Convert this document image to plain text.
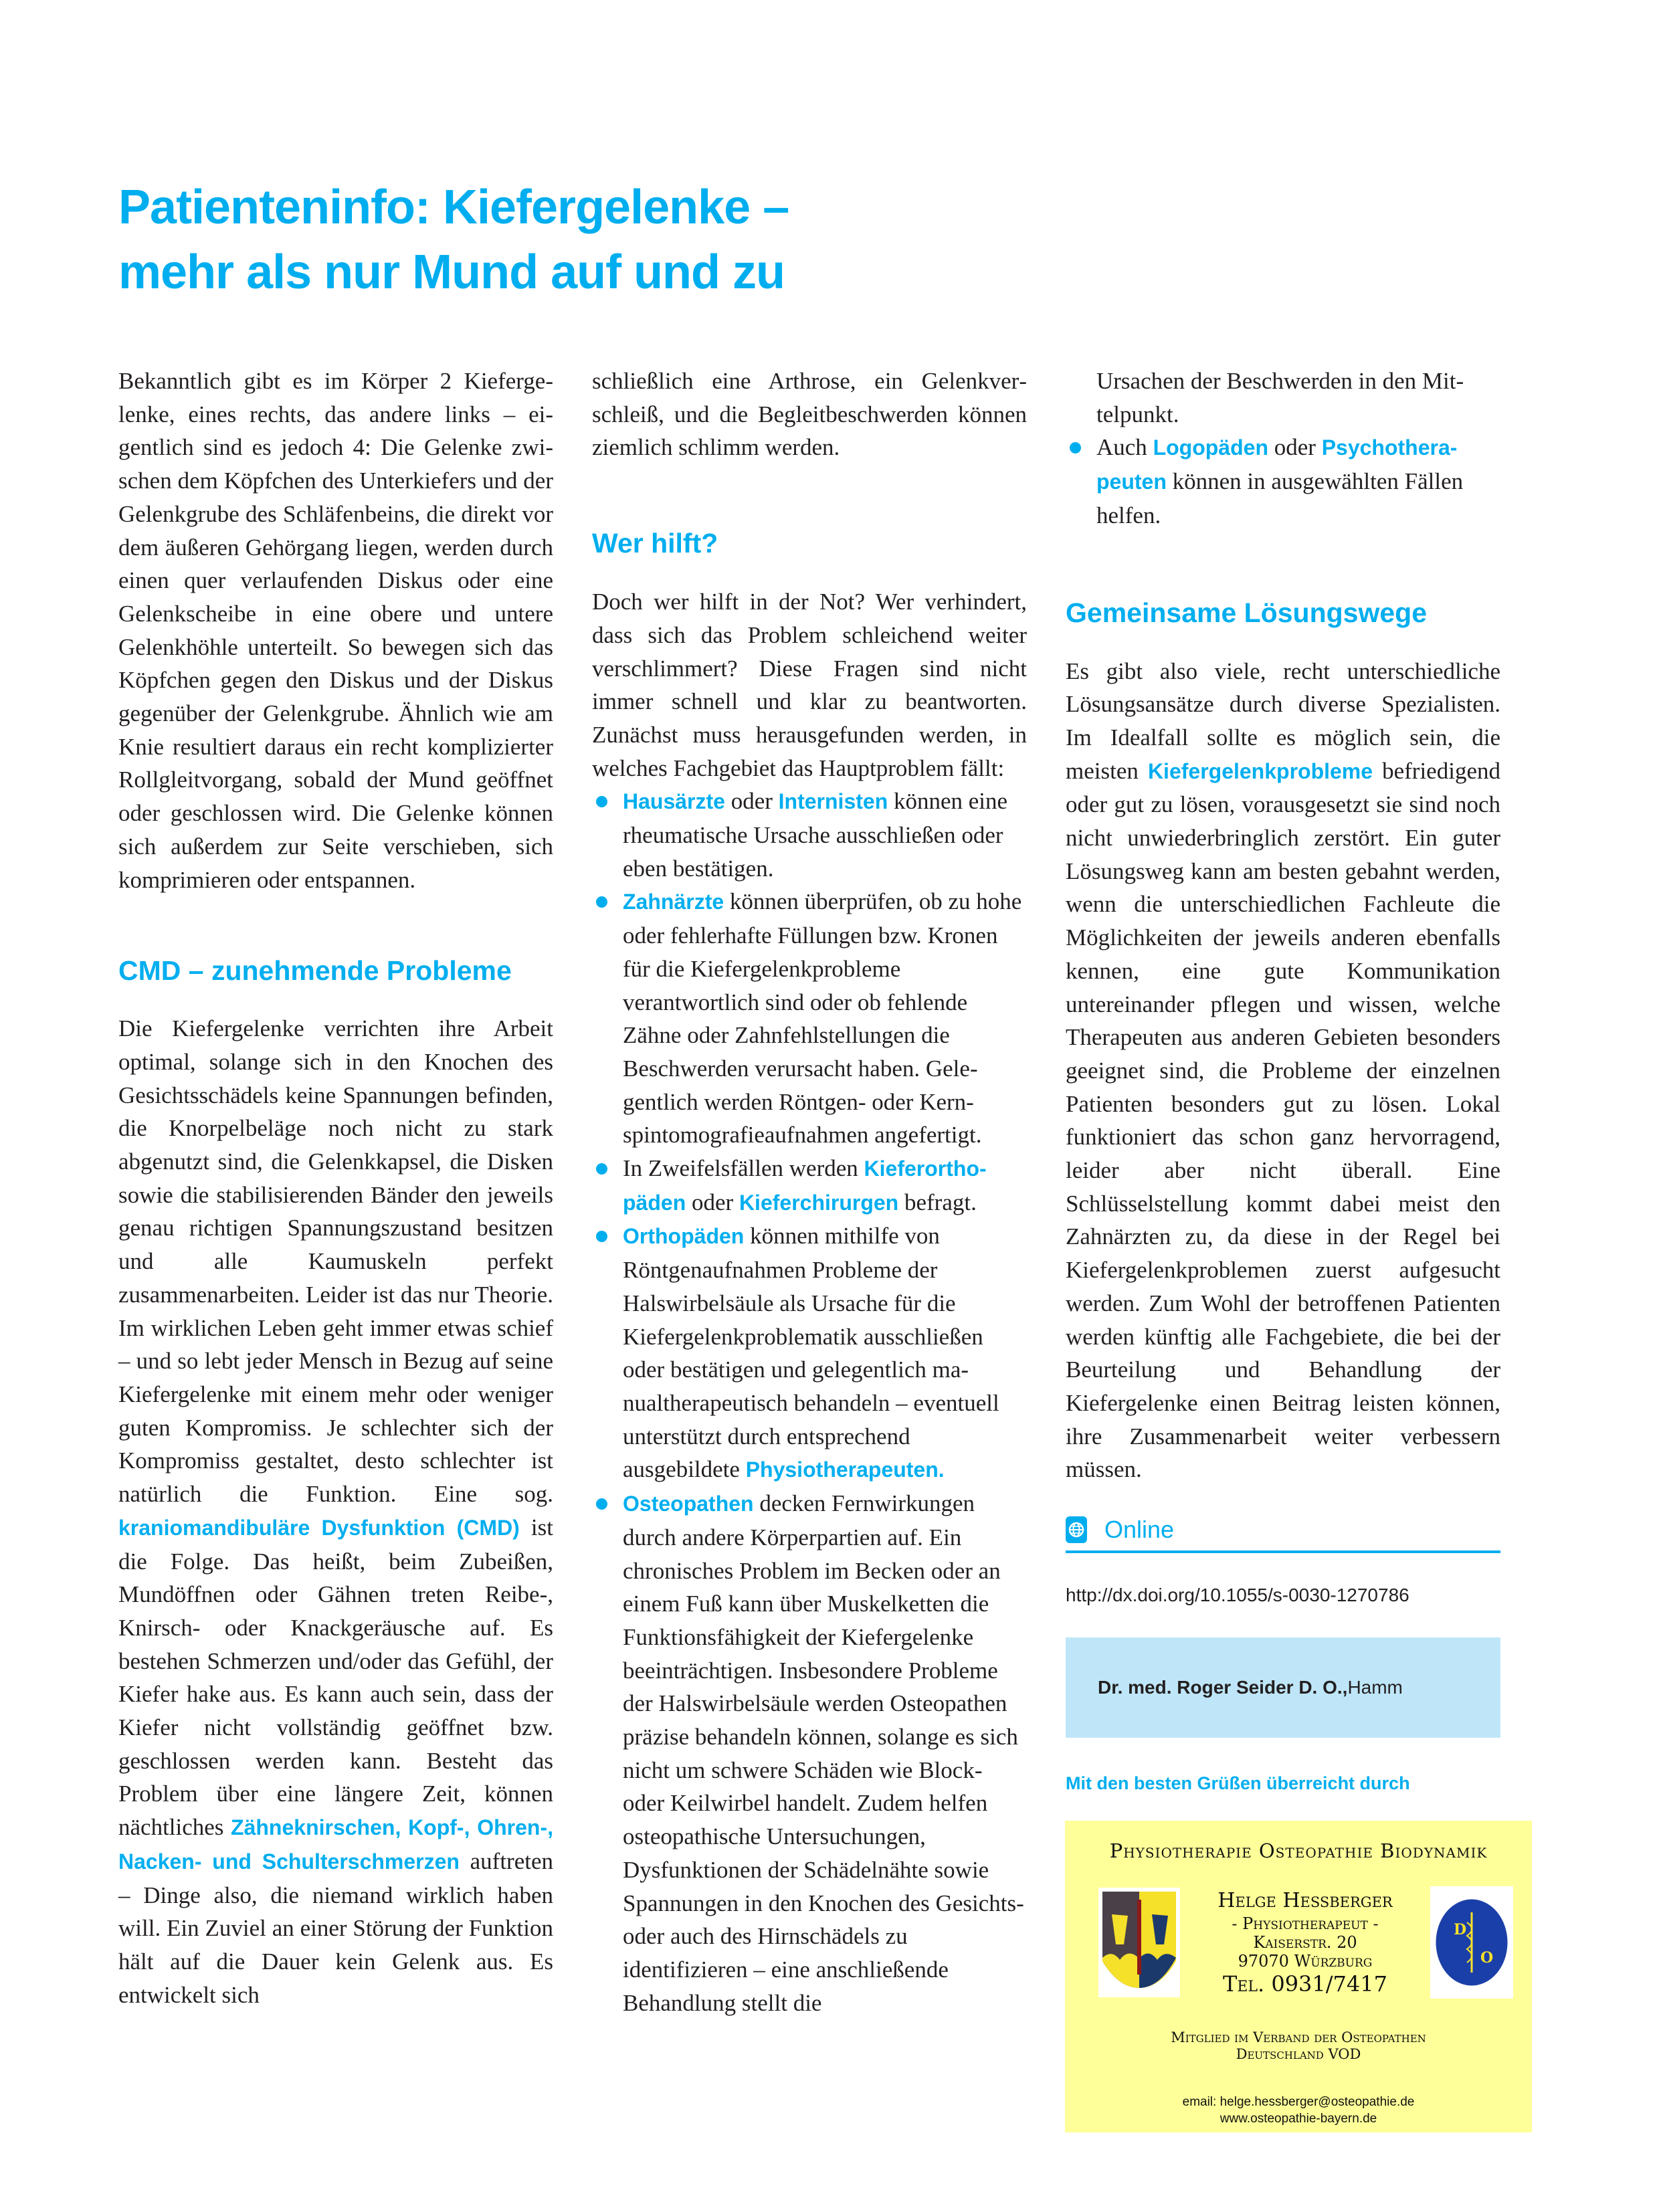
Patienteninfo: Kiefergelenke –
mehr als nur Mund auf und zu

Bekanntlich gibt es im Körper 2 Kiefergelenke, eines rechts, das andere links – eigentlich sind es jedoch 4: Die Gelenke zwischen dem Köpfchen des Unterkiefers und der Gelenkgrube des Schläfenbeins, die direkt vor dem äußeren Gehörgang liegen, werden durch einen quer verlaufenden Diskus oder eine Gelenkscheibe in eine obere und untere Gelenkhöhle unterteilt. So bewegen sich das Köpfchen gegen den Diskus und der Diskus gegenüber der Gelenkgrube. Ähnlich wie am Knie resultiert daraus ein recht komplizierter Rollgleitvorgang, sobald der Mund geöffnet oder geschlossen wird. Die Gelenke können sich außerdem zur Seite verschieben, sich komprimieren oder entspannen.

CMD – zunehmende Probleme

Die Kiefergelenke verrichten ihre Arbeit optimal, solange sich in den Knochen des Gesichtsschädels keine Spannungen befinden, die Knorpelbeläge noch nicht zu stark abgenutzt sind, die Gelenkkapsel, die Disken sowie die stabilisierenden Bänder den jeweils genau richtigen Spannungszustand besitzen und alle Kaumuskeln perfekt zusammenarbeiten. Leider ist das nur Theorie. Im wirklichen Leben geht immer etwas schief – und so lebt jeder Mensch in Bezug auf seine Kiefergelenke mit einem mehr oder weniger guten Kompromiss. Je schlechter sich der Kompromiss gestaltet, desto schlechter ist natürlich die Funktion. Eine sog. kraniomandibuläre Dysfunktion (CMD) ist die Folge. Das heißt, beim Zubeißen, Mundöffnen oder Gähnen treten Reibe-, Knirsch- oder Knackgeräusche auf. Es bestehen Schmerzen und/oder das Gefühl, der Kiefer hake aus. Es kann auch sein, dass der Kiefer nicht vollständig geöffnet bzw. geschlossen werden kann. Besteht das Problem über eine längere Zeit, können nächtliches Zähneknirschen, Kopf-, Ohren-, Nacken- und Schulterschmerzen auftreten – Dinge also, die niemand wirklich haben will. Ein Zuviel an einer Störung der Funktion hält auf die Dauer kein Gelenk aus. Es entwickelt sich

schließlich eine Arthrose, ein Gelenkverschleiß, und die Begleitbeschwerden können ziemlich schlimm werden.

Wer hilft?

Doch wer hilft in der Not? Wer verhindert, dass sich das Problem schleichend weiter verschlimmert? Diese Fragen sind nicht immer schnell und klar zu beantworten. Zunächst muss herausgefunden werden, in welches Fachgebiet das Hauptproblem fällt:

Hausärzte oder Internisten können eine rheumatische Ursache ausschließen oder eben bestätigen.
Zahnärzte können überprüfen, ob zu hohe oder fehlerhafte Füllungen bzw. Kronen für die Kiefergelenkprobleme verantwortlich sind oder ob fehlende Zähne oder Zahnfehlstellungen die Beschwerden verursacht haben. Gelegentlich werden Röntgen- oder Kernspintomografieaufnahmen angefertigt.
In Zweifelsfällen werden Kieferorthopäden oder Kieferchirurgen befragt.
Orthopäden können mithilfe von Röntgenaufnahmen Probleme der Halswirbelsäule als Ursache für die Kiefergelenkproblematik ausschließen oder bestätigen und gelegentlich manualtherapeutisch behandeln – eventuell unterstützt durch entsprechend ausgebildete Physiotherapeuten.
Osteopathen decken Fernwirkungen durch andere Körperpartien auf. Ein chronisches Problem im Becken oder an einem Fuß kann über Muskelketten die Funktionsfähigkeit der Kiefergelenke beeinträchtigen. Insbesondere Probleme der Halswirbelsäule werden Osteopathen präzise behandeln können, solange es sich nicht um schwere Schäden wie Block- oder Keilwirbel handelt. Zudem helfen osteopathische Untersuchungen, Dysfunktionen der Schädelnähte sowie Spannungen in den Knochen des Gesichts- oder auch des Hirnschädels zu identifizieren – eine anschließende Behandlung stellt die
Ursachen der Beschwerden in den Mittelpunkt.
Auch Logopäden oder Psychotherapeuten können in ausgewählten Fällen helfen.
Gemeinsame Lösungswege

Es gibt also viele, recht unterschiedliche Lösungsansätze durch diverse Spezialisten. Im Idealfall sollte es möglich sein, die meisten Kiefergelenkprobleme befriedigend oder gut zu lösen, vorausgesetzt sie sind noch nicht unwiederbringlich zerstört. Ein guter Lösungsweg kann am besten gebahnt werden, wenn die unterschiedlichen Fachleute die Möglichkeiten der jeweils anderen ebenfalls kennen, eine gute Kommunikation untereinander pflegen und wissen, welche Therapeuten aus anderen Gebieten besonders geeignet sind, die Probleme der einzelnen Patienten besonders gut zu lösen. Lokal funktioniert das schon ganz hervorragend, leider aber nicht überall. Eine Schlüsselstellung kommt dabei meist den Zahnärzten zu, da diese in der Regel bei Kiefergelenkproblemen zuerst aufgesucht werden. Zum Wohl der betroffenen Patienten werden künftig alle Fachgebiete, die bei der Beurteilung und Behandlung der Kiefergelenke einen Beitrag leisten können, ihre Zusammenarbeit weiter verbessern müssen.

Online
http://dx.doi.org/10.1055/s-0030-1270786
Dr. med. Roger Seider D. O., Hamm
Mit den besten Grüßen überreicht durch
Physiotherapie Osteopathie Biodynamik
Helge Hessberger
- Physiotherapeut -
Kaiserstr. 20
97070 Würzburg
Tel. 0931/7417
D
O
Mitglied im Verband der Osteopathen
Deutschland VOD
email: helge.hessberger@osteopathie.de
www.osteopathie-bayern.de
